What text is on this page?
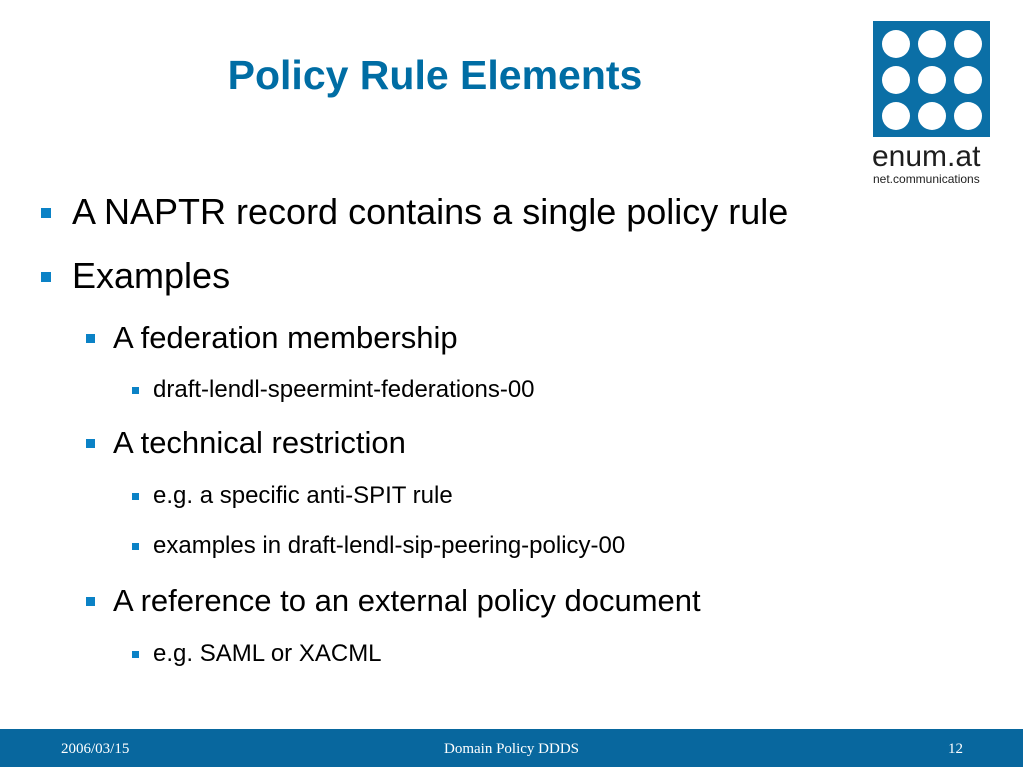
Policy Rule Elements
enum.at
net.communications
A NAPTR record contains a single policy rule
Examples
A federation membership
draft-lendl-speermint-federations-00
A technical restriction
e.g. a specific anti-SPIT rule
examples in draft-lendl-sip-peering-policy-00
A reference to an external policy document
e.g. SAML or XACML
2006/03/15	Domain Policy DDDS	12
